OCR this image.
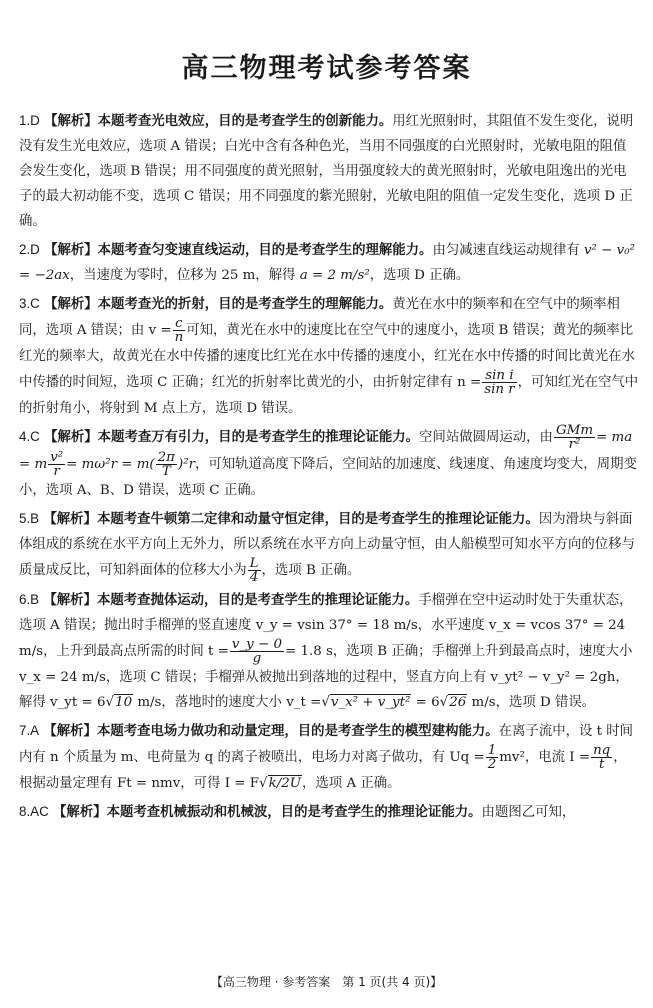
高三物理考试参考答案
1.D 【解析】本题考查光电效应，目的是考查学生的创新能力。用红光照射时，其阻值不发生变化，说明没有发生光电效应，选项 A 错误；白光中含有各种色光，当用不同强度的白光照射时，光敏电阻的阻值会发生变化，选项 B 错误；用不同强度的黄光照射，当用强度较大的黄光照射时，光敏电阻逸出的光电子的最大初动能不变，选项 C 错误；用不同强度的紫光照射，光敏电阻的阻值一定发生变化，选项 D 正确。
2.D 【解析】本题考查匀变速直线运动，目的是考查学生的理解能力。由匀减速直线运动规律有 v² − v₀² = −2ax，当速度为零时，位移为 25 m，解得 a = 2 m/s²，选项 D 正确。
3.C 【解析】本题考查光的折射，目的是考查学生的理解能力。黄光在水中的频率和在空气中的频率相同，选项 A 错误；由 $v = \frac{c}{n}$ 可知，黄光在水中的速度比在空气中的速度小，选项 B 错误；黄光的频率比红光的频率大，故黄光在水中传播的速度比红光在水中传播的速度小，红光在水中传播的时间比黄光在水中传播的时间短，选项 C 正确；红光的折射率比黄光的小，由折射定律有 $n = \frac{\text{sin i}}{\text{sin r}}$ ，可知红光在空气中的折射角小，将射到 M 点上方，选项 D 错误。
4.C 【解析】本题考查万有引力，目的是考查学生的推理论证能力。空间站做圆周运动，由 $\frac{\text{GMm}}{\text{r²}}$ = ma = m $\frac{\text{v²}}{r} = m\omega^2r = m( \frac{2\pi}{T} )^2r$，可知轨道高度下降后，空间站的加速度、线速度、角速度均变大，周期变小，选项 A、B、D 错误，选项 C 正确。
5.B 【解析】本题考查牛顿第二定律和动量守恒定律，目的是考查学生的推理论证能力。因为滑块与斜面体组成的系统在水平方向上无外力，所以系统在水平方向上动量守恒，由人船模型可知水平方向的位移与质量成反比，可知斜面体的位移大小为 $\frac{L}{4}$ ，选项 B 正确。
6.B 【解析】本题考查抛体运动，目的是考查学生的推理论证能力。手榴弹在空中运动时处于失重状态，选项 A 错误；抛出时手榴弹的竖直速度 v_y = vsin 37° = 18 m/s，水平速度 v_x = vcos 37° = 24 m/s，上升到最高点所需的时间 $t = \frac{v\_y - 0}{g} = 1.8$ s，选项 B 正确；手榴弹上升到最高点时，速度大小 v_x = 24 m/s，选项 C 错误；手榴弹从被抛出到落地的过程中，竖直方向上有 v_yt² − v_y² = 2gh，解得 v_yt = 6√10 m/s，落地时的速度大小 v_t =√v_x² + v_yt² = 6√26 m/s，选项 D 错误。
7.A 【解析】本题考查电场力做功和动量定理，目的是考查学生的模型建构能力。在离子流中，设 t 时间内有 n 个质量为 m、电荷量为 q 的离子被喷出，电场力对离子做功，有 $Uq = \frac{1}{2} mv^2$，电流 $I = \frac{nq}{t}$ ，根据动量定理有 Ft = nmv，可得 I = F√k/2U，选项 A 正确。
8.AC 【解析】本题考查机械振动和机械波，目的是考查学生的推理论证能力。由题图乙可知，
【高三物理 · 参考答案　第 1 页(共 4 页)】
